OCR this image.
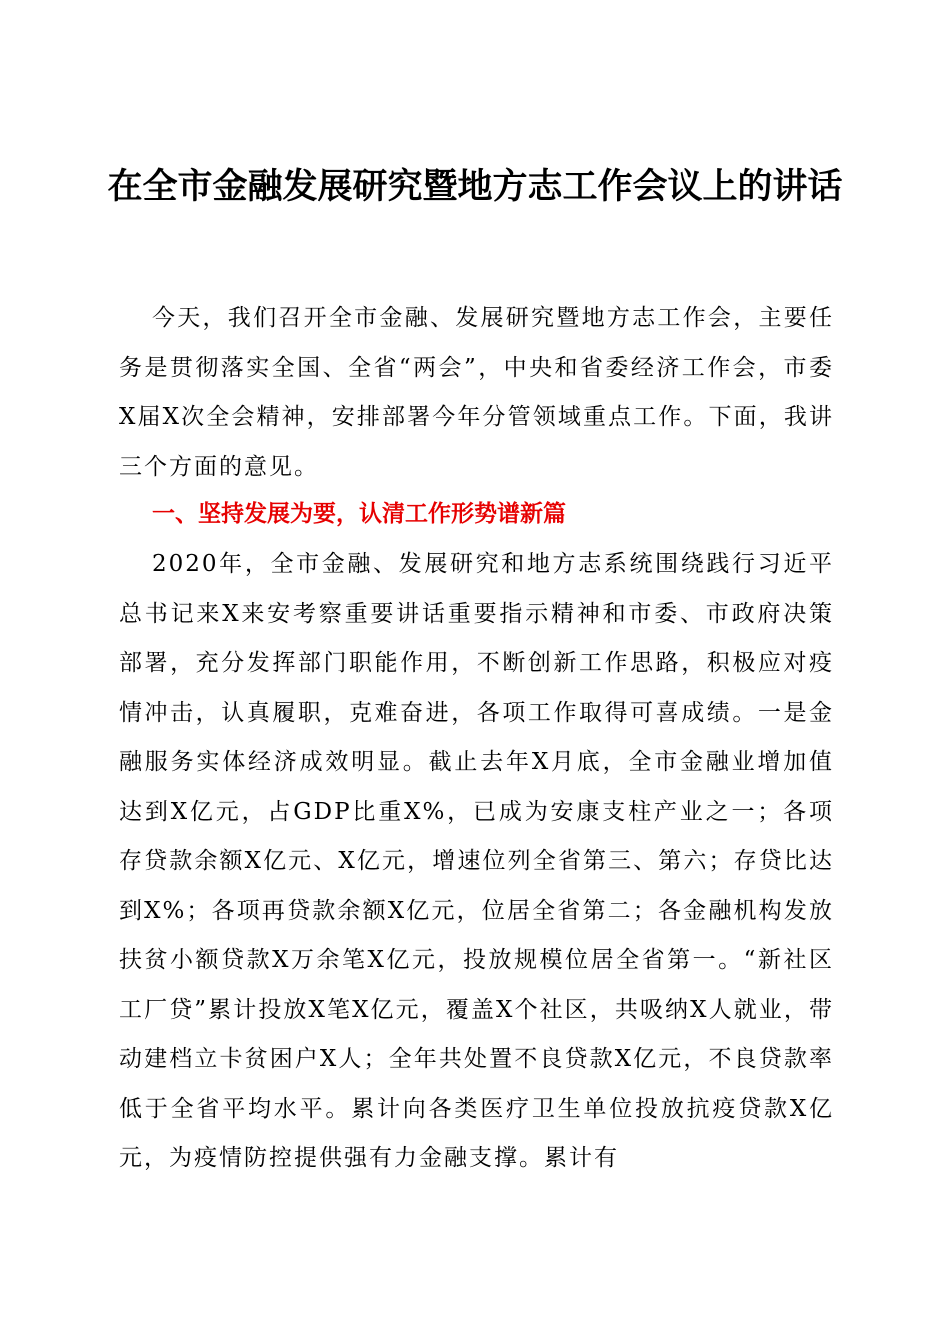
在全市金融发展研究暨地方志工作会议上的讲话

今天，我们召开全市金融、发展研究暨地方志工作会，主要任务是贯彻落实全国、全省“两会”，中央和省委经济工作会，市委X届X次全会精神，安排部署今年分管领域重点工作。下面，我讲三个方面的意见。

一、坚持发展为要，认清工作形势谱新篇

2020年，全市金融、发展研究和地方志系统围绕践行习近平总书记来X来安考察重要讲话重要指示精神和市委、市政府决策部署，充分发挥部门职能作用，不断创新工作思路，积极应对疫情冲击，认真履职，克难奋进，各项工作取得可喜成绩。一是金融服务实体经济成效明显。截止去年X月底，全市金融业增加值达到X亿元，占GDP比重X%，已成为安康支柱产业之一；各项存贷款余额X亿元、X亿元，增速位列全省第三、第六；存贷比达到X%；各项再贷款余额X亿元，位居全省第二；各金融机构发放扶贫小额贷款X万余笔X亿元，投放规模位居全省第一。“新社区工厂贷”累计投放X笔X亿元，覆盖X个社区，共吸纳X人就业，带动建档立卡贫困户X人；全年共处置不良贷款X亿元，不良贷款率低于全省平均水平。累计向各类医疗卫生单位投放抗疫贷款X亿元，为疫情防控提供强有力金融支撑。累计有
